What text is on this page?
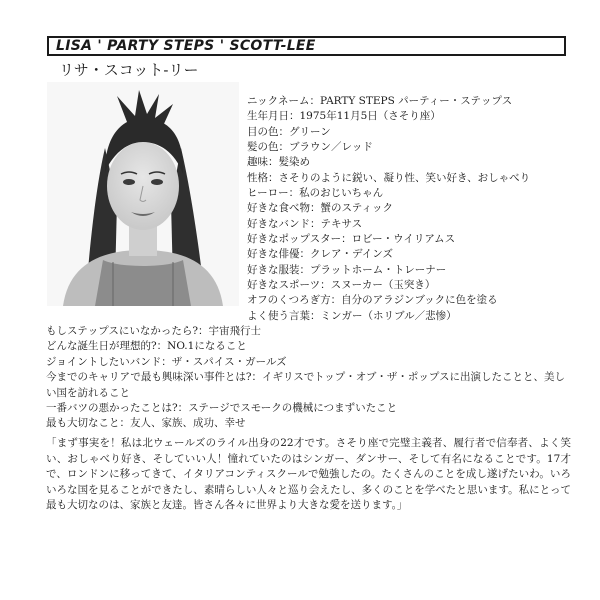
LISA ' PARTY STEPS ' SCOTT-LEE
リサ・スコット-リー
ニックネーム：PARTY STEPS パーティー・ステップス
生年月日：1975年11月5日（さそり座）
目の色：グリーン
髪の色：ブラウン／レッド
趣味：髪染め
性格：さそりのように鋭い、凝り性、笑い好き、おしゃべり
ヒーロー：私のおじいちゃん
好きな食べ物：蟹のスティック
好きなバンド：テキサス
好きなポップスター：ロビー・ウイリアムス
好きな俳優：クレア・デインズ
好きな服装：プラットホーム・トレーナー
好きなスポーツ：スヌーカー（玉突き）
オフのくつろぎ方：自分のアラジンブックに色を塗る
よく使う言葉：ミンガー（ホリブル／悲惨）
もしステップスにいなかったら?：宇宙飛行士
どんな誕生日が理想的?：NO.1になること
ジョイントしたいバンド：ザ・スパイス・ガールズ
今までのキャリアで最も興味深い事件とは?：イギリスでトップ・オブ・ザ・ポップスに出演したことと、美しい国を訪れること
一番バツの悪かったことは?：ステージでスモークの機械につまずいたこと
最も大切なこと：友人、家族、成功、幸せ

「まず事実を！私は北ウェールズのライル出身の22才です。さそり座で完璧主義者、履行者で信奉者、よく笑い、おしゃべり好き、そしていい人！憧れていたのはシンガー、ダンサー、そして有名になることです。17才で、ロンドンに移ってきて、イタリアコンティスクールで勉強したの。たくさんのことを成し遂げたいわ。いろいろな国を見ることができたし、素晴らしい人々と巡り会えたし、多くのことを学べたと思います。私にとって最も大切なのは、家族と友達。皆さん各々に世界より大きな愛を送ります。」
